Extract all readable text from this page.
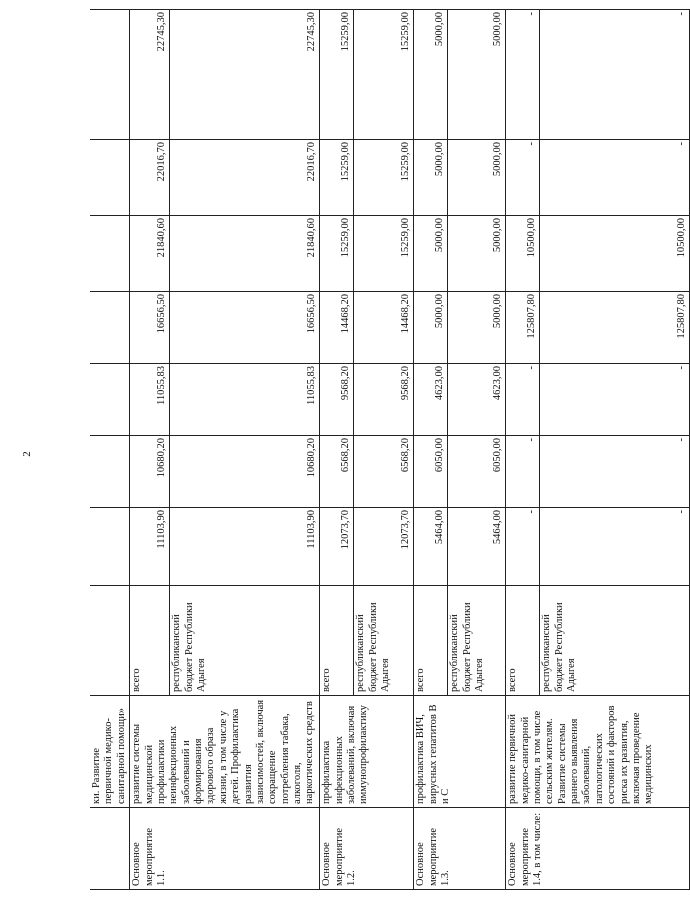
2
	ки. Развитие первичной медико-санитарной помощи»								
Основное мероприятие 1.1.	развитие системы медицинской профилактики неинфекционных заболеваний и формирования здорового образа жизни, в том числе у детей. Профилактика развития зависимостей, включая сокращение потребления табака, алкоголя, наркотических средств	всего	11103,90	10680,20	11055,83	16656,50	21840,60	22016,70	22745,30
		республиканский бюджет Республики Адыгея	11103,90	10680,20	11055,83	16656,50	21840,60	22016,70	22745,30
Основное мероприятие 1.2.	профилактика инфекционных заболеваний, включая иммунопрофилактику	всего	12073,70	6568,20	9568,20	14468,20	15259,00	15259,00	15259,00
		республиканский бюджет Республики Адыгея	12073,70	6568,20	9568,20	14468,20	15259,00	15259,00	15259,00
Основное мероприятие 1.3.	профилактика ВИЧ, вирусных гепатитов В и С	всего	5464,00	6050,00	4623,00	5000,00	5000,00	5000,00	5000,00
		республиканский бюджет Республики Адыгея	5464,00	6050,00	4623,00	5000,00	5000,00	5000,00	5000,00
Основное мероприятие 1.4, в том числе:	развитие первичной медико-санитарной помощи, в том числе сельским жителям. Развитие системы раннего выявления заболеваний, патологических состояний и факторов риска их развития, включая проведение медицинских	всего	-	-	-	125807,80	10500,00	-	-
		республиканский бюджет Республики Адыгея	-	-	-	125807,80	10500,00	-	-
